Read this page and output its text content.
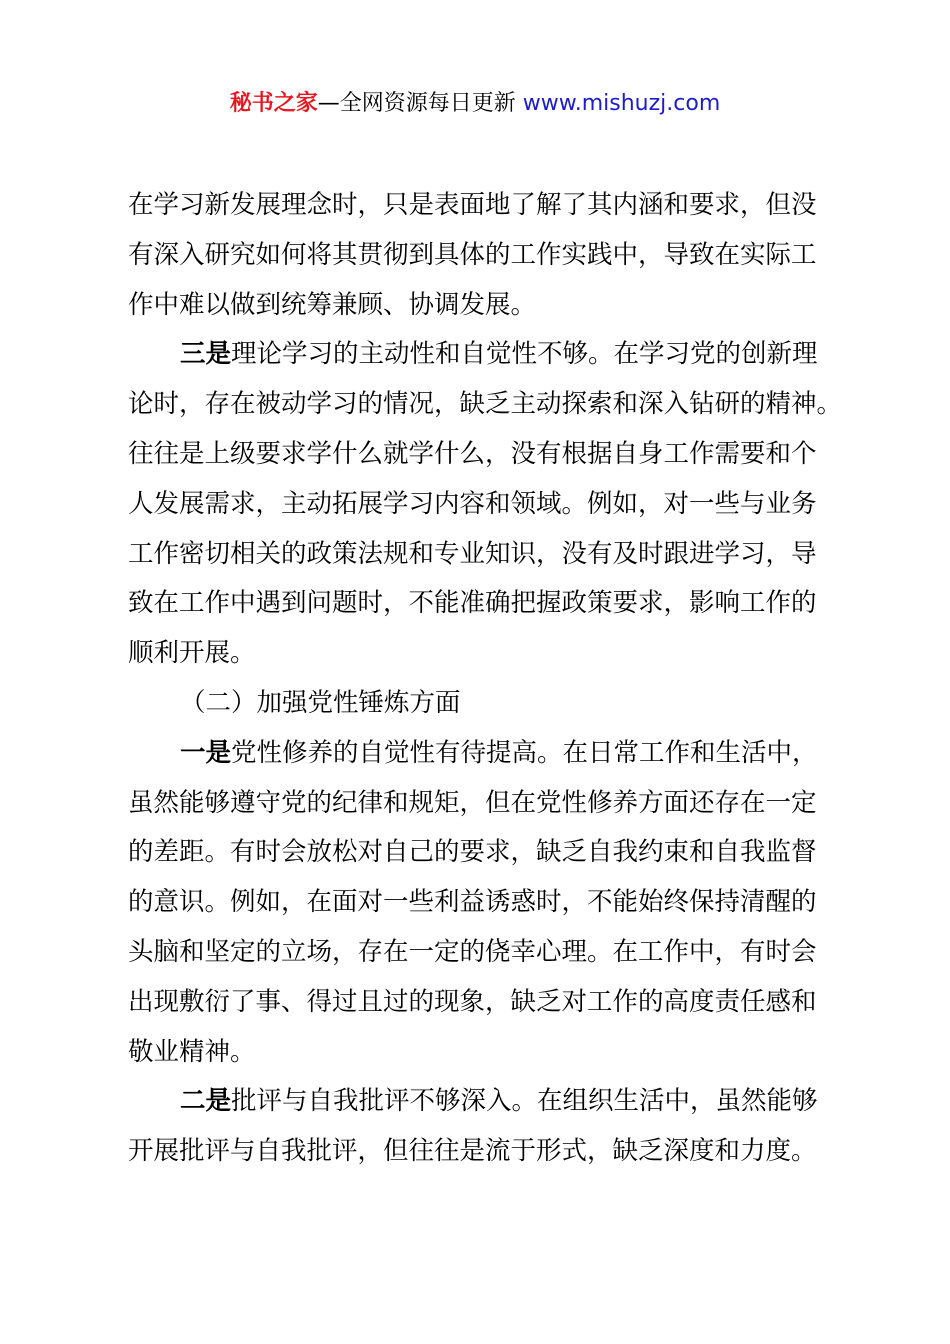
秘书之家—全网资源每日更新 www.mishuzj.com
在学习新发展理念时，只是表面地了解了其内涵和要求，但没
有深入研究如何将其贯彻到具体的工作实践中，导致在实际工
作中难以做到统筹兼顾、协调发展。
三是理论学习的主动性和自觉性不够。在学习党的创新理
论时，存在被动学习的情况，缺乏主动探索和深入钻研的精神。
往往是上级要求学什么就学什么，没有根据自身工作需要和个
人发展需求，主动拓展学习内容和领域。例如，对一些与业务
工作密切相关的政策法规和专业知识，没有及时跟进学习，导
致在工作中遇到问题时，不能准确把握政策要求，影响工作的
顺利开展。
（二）加强党性锤炼方面
一是党性修养的自觉性有待提高。在日常工作和生活中，
虽然能够遵守党的纪律和规矩，但在党性修养方面还存在一定
的差距。有时会放松对自己的要求，缺乏自我约束和自我监督
的意识。例如，在面对一些利益诱惑时，不能始终保持清醒的
头脑和坚定的立场，存在一定的侥幸心理。在工作中，有时会
出现敷衍了事、得过且过的现象，缺乏对工作的高度责任感和
敬业精神。
二是批评与自我批评不够深入。在组织生活中，虽然能够
开展批评与自我批评，但往往是流于形式，缺乏深度和力度。
